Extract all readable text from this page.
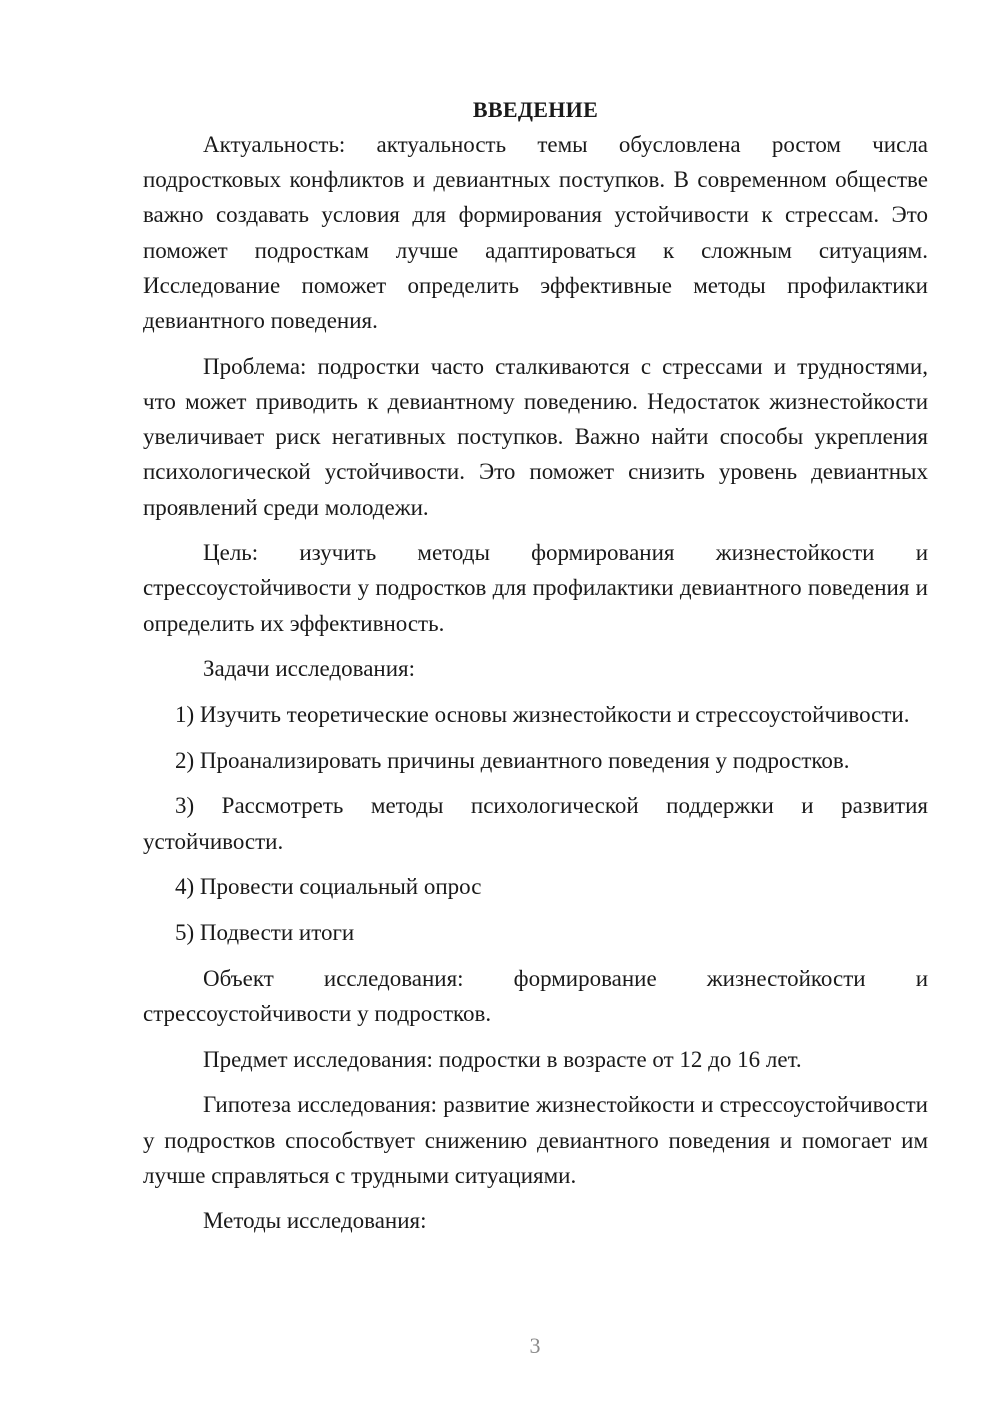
ВВЕДЕНИЕ

Актуальность: актуальность темы обусловлена ростом числа подростковых конфликтов и девиантных поступков. В современном обществе важно создавать условия для формирования устойчивости к стрессам. Это поможет подросткам лучше адаптироваться к сложным ситуациям. Исследование поможет определить эффективные методы профилактики девиантного поведения.

Проблема: подростки часто сталкиваются с стрессами и трудностями, что может приводить к девиантному поведению. Недостаток жизнестойкости увеличивает риск негативных поступков. Важно найти способы укрепления психологической устойчивости. Это поможет снизить уровень девиантных проявлений среди молодежи.

Цель: изучить методы формирования жизнестойкости и стрессоустойчивости у подростков для профилактики девиантного поведения и определить их эффективность.

Задачи исследования:

1) Изучить теоретические основы жизнестойкости и стрессоустойчивости.

2) Проанализировать причины девиантного поведения у подростков.

3) Рассмотреть методы психологической поддержки и развития устойчивости.

4) Провести социальный опрос

5) Подвести итоги

Объект исследования: формирование жизнестойкости и стрессоустойчивости у подростков.

Предмет исследования: подростки в возрасте от 12 до 16 лет.

Гипотеза исследования: развитие жизнестойкости и стрессоустойчивости у подростков способствует снижению девиантного поведения и помогает им лучше справляться с трудными ситуациями.

Методы исследования:

3
